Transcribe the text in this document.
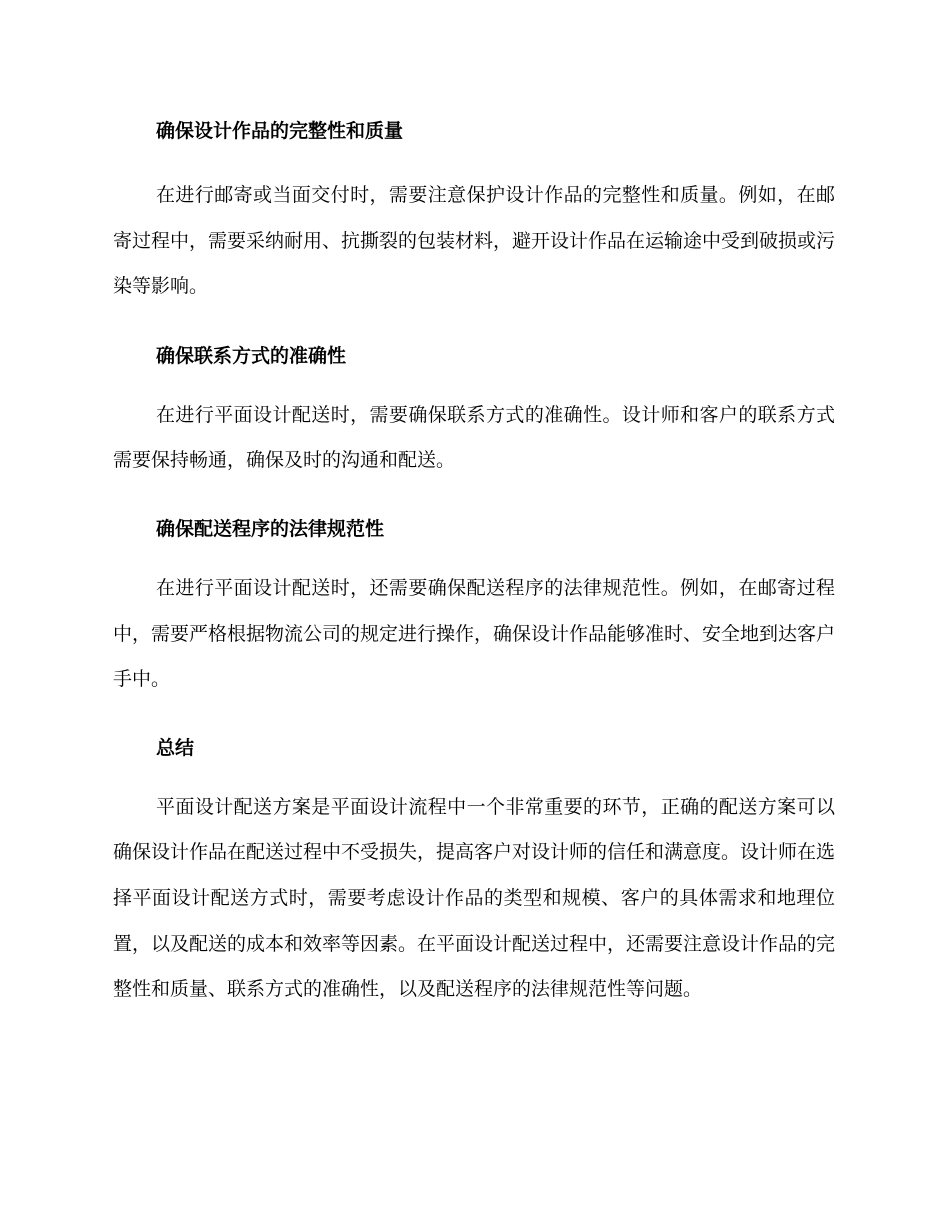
确保设计作品的完整性和质量

在进行邮寄或当面交付时，需要注意保护设计作品的完整性和质量。例如，在邮寄过程中，需要采纳耐用、抗撕裂的包装材料，避开设计作品在运输途中受到破损或污染等影响。

确保联系方式的准确性

在进行平面设计配送时，需要确保联系方式的准确性。设计师和客户的联系方式需要保持畅通，确保及时的沟通和配送。

确保配送程序的法律规范性

在进行平面设计配送时，还需要确保配送程序的法律规范性。例如，在邮寄过程中，需要严格根据物流公司的规定进行操作，确保设计作品能够准时、安全地到达客户手中。

总结

平面设计配送方案是平面设计流程中一个非常重要的环节，正确的配送方案可以确保设计作品在配送过程中不受损失，提高客户对设计师的信任和满意度。设计师在选择平面设计配送方式时，需要考虑设计作品的类型和规模、客户的具体需求和地理位置，以及配送的成本和效率等因素。在平面设计配送过程中，还需要注意设计作品的完整性和质量、联系方式的准确性，以及配送程序的法律规范性等问题。
